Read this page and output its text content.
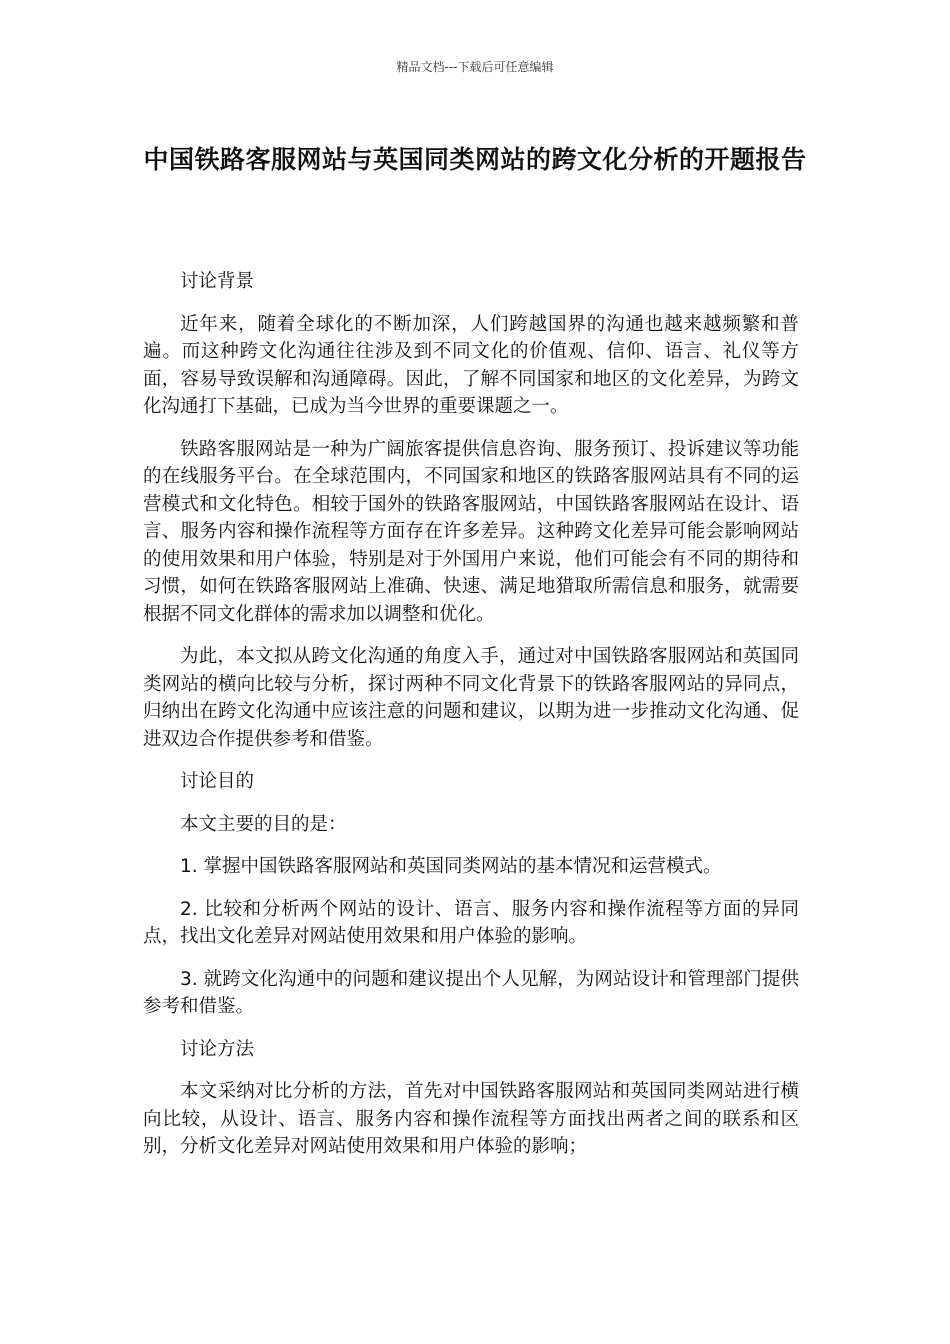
精品文档---下载后可任意编辑
中国铁路客服网站与英国同类网站的跨文化分析的开题报告

讨论背景

近年来，随着全球化的不断加深，人们跨越国界的沟通也越来越频繁和普遍。而这种跨文化沟通往往涉及到不同文化的价值观、信仰、语言、礼仪等方面，容易导致误解和沟通障碍。因此，了解不同国家和地区的文化差异，为跨文化沟通打下基础，已成为当今世界的重要课题之一。

铁路客服网站是一种为广阔旅客提供信息咨询、服务预订、投诉建议等功能的在线服务平台。在全球范围内，不同国家和地区的铁路客服网站具有不同的运营模式和文化特色。相较于国外的铁路客服网站，中国铁路客服网站在设计、语言、服务内容和操作流程等方面存在许多差异。这种跨文化差异可能会影响网站的使用效果和用户体验，特别是对于外国用户来说，他们可能会有不同的期待和习惯，如何在铁路客服网站上准确、快速、满足地猎取所需信息和服务，就需要根据不同文化群体的需求加以调整和优化。

为此，本文拟从跨文化沟通的角度入手，通过对中国铁路客服网站和英国同类网站的横向比较与分析，探讨两种不同文化背景下的铁路客服网站的异同点，归纳出在跨文化沟通中应该注意的问题和建议，以期为进一步推动文化沟通、促进双边合作提供参考和借鉴。

讨论目的

本文主要的目的是：

1. 掌握中国铁路客服网站和英国同类网站的基本情况和运营模式。

2. 比较和分析两个网站的设计、语言、服务内容和操作流程等方面的异同点，找出文化差异对网站使用效果和用户体验的影响。

3. 就跨文化沟通中的问题和建议提出个人见解，为网站设计和管理部门提供参考和借鉴。

讨论方法

本文采纳对比分析的方法，首先对中国铁路客服网站和英国同类网站进行横向比较，从设计、语言、服务内容和操作流程等方面找出两者之间的联系和区别，分析文化差异对网站使用效果和用户体验的影响；
